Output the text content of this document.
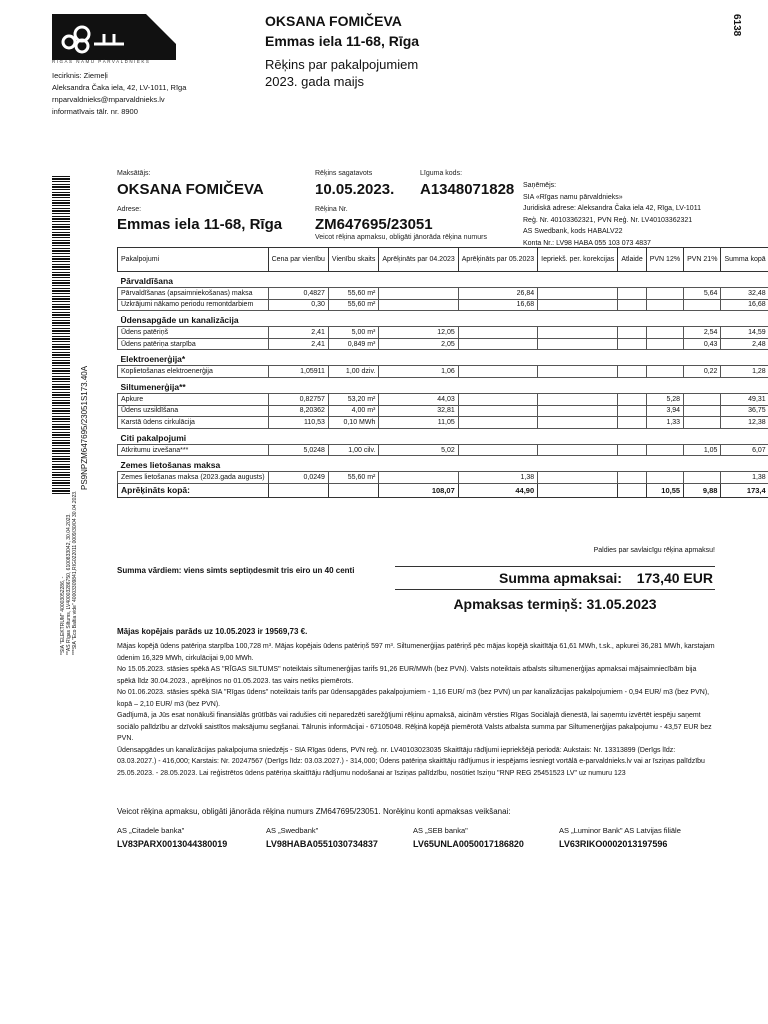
RĪGAS NAMU PĀRVALDNIEKS
Iecirknis: Ziemeļi
Aleksandra Čaka iela, 42, LV-1011, Rīga
rnparvaldnieks@rnparvaldnieks.lv
informatīvais tālr. nr. 8900
OKSANA FOMIČEVA
Emmas iela 11-68, Rīga
Rēķins par pakalpojumiem
2023. gada maijs
6138
Maksātājs:
OKSANA FOMIČEVA
Adrese:
Emmas iela 11-68, Rīga
Rēķins sagatavots
10.05.2023.
Līguma kods:
A1348071828
Rēķina Nr.
ZM647695/23051
Veicot rēķina apmaksu, obligāti jānorāda rēķina numurs
Saņēmējs:
SIA «Rīgas namu pārvaldnieks»
Juridiskā adrese: Aleksandra Čaka iela 42, Rīga, LV-1011
Reģ. Nr. 40103362321, PVN Reģ. Nr. LV40103362321
AS Swedbank, kods HABALV22
Konta Nr.: LV98 HABA 055 103 073 4837
PS9NPZM647695/23051S173.40A
*SIA "ELEKTRUM" 40003052286, - **AS Rīgas Siltums, LV40003286750, 6100833042, 30.04.2023. ***SIA "Eco Baltia vide" 40003309841,RIG022011 0009/30/04 30.04.2023.
Pakalpojumi	Cena par vienību	Vienību skaits	Aprēķināts par 04.2023	Aprēķināts par 05.2023	Iepriekš. per. korekcijas	Atlaide	PVN 12%	PVN 21%	Summa kopā
Pārvaldīšana									
Pārvaldīšanas (apsaimniekošanas) maksa	0,4827	55,60 m²		26,84				5,64	32,48
Uzkrājumi nākamo periodu remontdarbiem	0,30	55,60 m²		16,68					16,68
Ūdensapgāde un kanalizācija									
Ūdens patēriņš	2,41	5,00 m³	12,05					2,54	14,59
Ūdens patēriņa starpība	2,41	0,849 m³	2,05					0,43	2,48
Elektroenerģija*									
Koplietošanas elektroenerģija	1,05911	1,00 dziv.	1,06					0,22	1,28
Siltumenerģija**									
Apkure	0,82757	53,20 m²	44,03				5,28		49,31
Ūdens uzsildīšana	8,20362	4,00 m³	32,81				3,94		36,75
Karstā ūdens cirkulācija	110,53	0,10 MWh	11,05				1,33		12,38
Citi pakalpojumi									
Atkritumu izvešana***	5,0248	1,00 cilv.	5,02					1,05	6,07
Zemes lietošanas maksa									
Zemes lietošanas maksa (2023.gada augusts)	0,0249	55,60 m²		1,38					1,38
Aprēķināts kopā:			108,07	44,90			10,55	9,88	173,4
Paldies par savlaicīgu rēķina apmaksu!
Summa vārdiem: viens simts septiņdesmit tris eiro un 40 centi	Summa apmaksai: 173,40 EUR
Apmaksas termiņš: 31.05.2023
Mājas kopējais parāds uz 10.05.2023 ir 19569,73 €.

Mājas kopējā ūdens patēriņa starpība 100,728 m³. Mājas kopējais ūdens patēriņš 597 m³. Siltumenerģijas patēriņš pēc mājas kopējā skaitītāja 61,61 MWh, t.sk., apkurei 36,281 MWh, karstajam ūdenim 16,329 MWh, cirkulācijai 9,00 MWh.

No 15.05.2023. stāsies spēkā AS "RĪGAS SILTUMS" noteiktais siltumenerģijas tarifs 91,26 EUR/MWh (bez PVN). Valsts noteiktais atbalsts siltumenerģijas apmaksai mājsaimniecībām bija spēkā līdz 30.04.2023., aprēķinos no 01.05.2023. tas vairs netiks piemērots.

No 01.06.2023. stāsies spēkā SIA "Rīgas ūdens" noteiktais tarifs par ūdensapgādes pakalpojumiem - 1,16 EUR/ m3 (bez PVN) un par kanalizācijas pakalpojumiem - 0,94 EUR/ m3 (bez PVN), kopā – 2,10 EUR/ m3 (bez PVN).

Gadījumā, ja Jūs esat nonākuši finansiālās grūtībās vai radušies citi neparedzēti sarežģījumi rēķinu apmaksā, aicinām vērsties Rīgas Sociālajā dienestā, lai saņemtu izvērtēt iespēju saņemt sociālo palīdzību ar dzīvokli saistītos maksājumu segšanai. Tālrunis informācijai - 67105048. Rēķinā kopējā piemērotā Valsts atbalsta summa par Siltumenerģijas pakalpojumu - 43,57 EUR bez PVN.

Ūdensapgādes un kanalizācijas pakalpojuma sniedzējs - SIA Rīgas ūdens, PVN reģ. nr. LV40103023035 Skaitītāju rādījumi iepriekšējā periodā: Aukstais: Nr. 13313899 (Derīgs līdz: 03.03.2027.) - 416,000; Karstais: Nr. 20247567 (Derīgs līdz: 03.03.2027.) - 314,000; Ūdens patēriņa skaitītāju rādījumus ir iespējams iesniegt vortālā e-parvaldnieks.lv vai ar īsziņas palīdzību 25.05.2023. - 28.05.2023. Lai reģistrētos ūdens patēriņa skaitītāju rādījumu nodošanai ar īsziņas palīdzību, nosūtiet īsziņu "RNP REG 25451523 LV" uz numuru 123

Veicot rēķina apmaksu, obligāti jānorāda rēķina numurs ZM647695/23051. Norēķinu konti apmaksas veikšanai:
AS „Citadele banka"
LV83PARX0013044380019
AS „Swedbank"
LV98HABA0551030734837
AS „SEB banka"
LV65UNLA0050017186820
AS „Luminor Bank" AS Latvijas filiāle
LV63RIKO0002013197596
